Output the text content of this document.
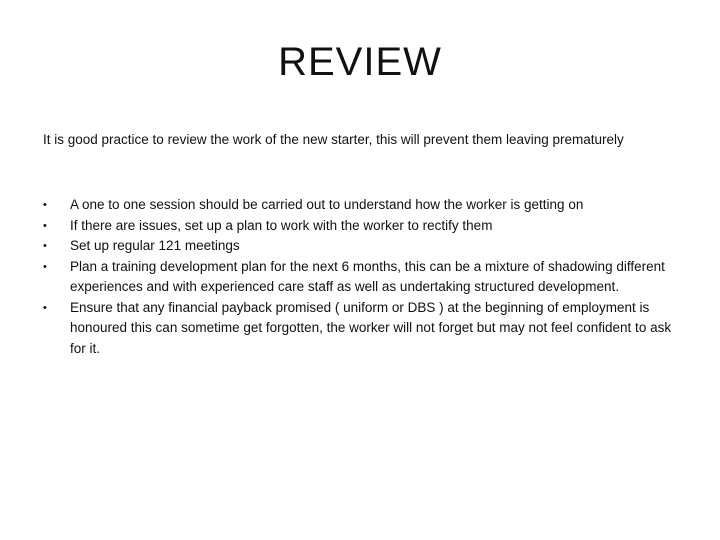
REVIEW

It is good practice to review the work of the new starter, this will prevent them leaving prematurely

• A one to one session should be carried out to understand how the worker is getting on
• If there are issues, set up a plan to work with the worker to rectify them
• Set up regular 121 meetings
• Plan a training development plan for the next 6 months, this can be a mixture of shadowing different experiences and with experienced care staff as well as undertaking structured development.
• Ensure that any financial payback promised ( uniform or DBS ) at the beginning of employment is honoured this can sometime get forgotten, the worker will not forget but may not feel confident to ask for it.
